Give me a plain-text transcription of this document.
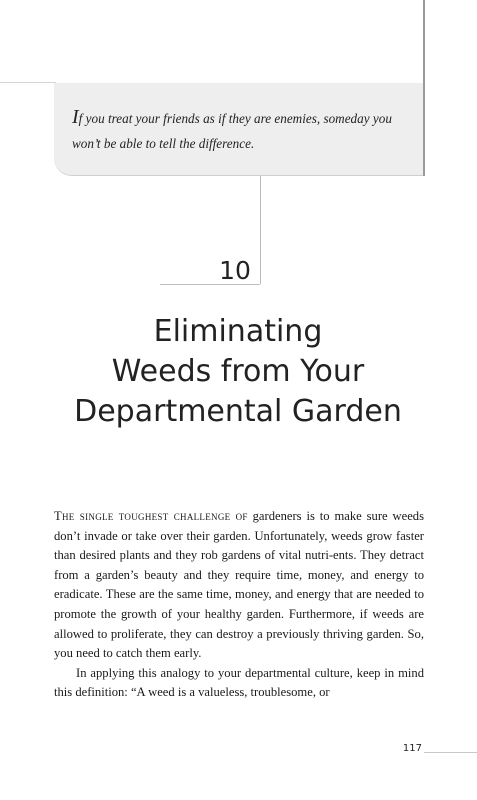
If you treat your friends as if they are enemies, someday you won’t be able to tell the difference.

10

Eliminating
Weeds from Your
Departmental Garden

The single toughest challenge of gardeners is to make sure weeds don’t invade or take over their garden. Unfortunately, weeds grow faster than desired plants and they rob gardens of vital nutri-ents. They detract from a garden’s beauty and they require time, money, and energy to eradicate. These are the same time, money, and energy that are needed to promote the growth of your healthy garden. Furthermore, if weeds are allowed to proliferate, they can destroy a previously thriving garden. So, you need to catch them early.

In applying this analogy to your departmental culture, keep in mind this definition: “A weed is a valueless, troublesome, or

117
